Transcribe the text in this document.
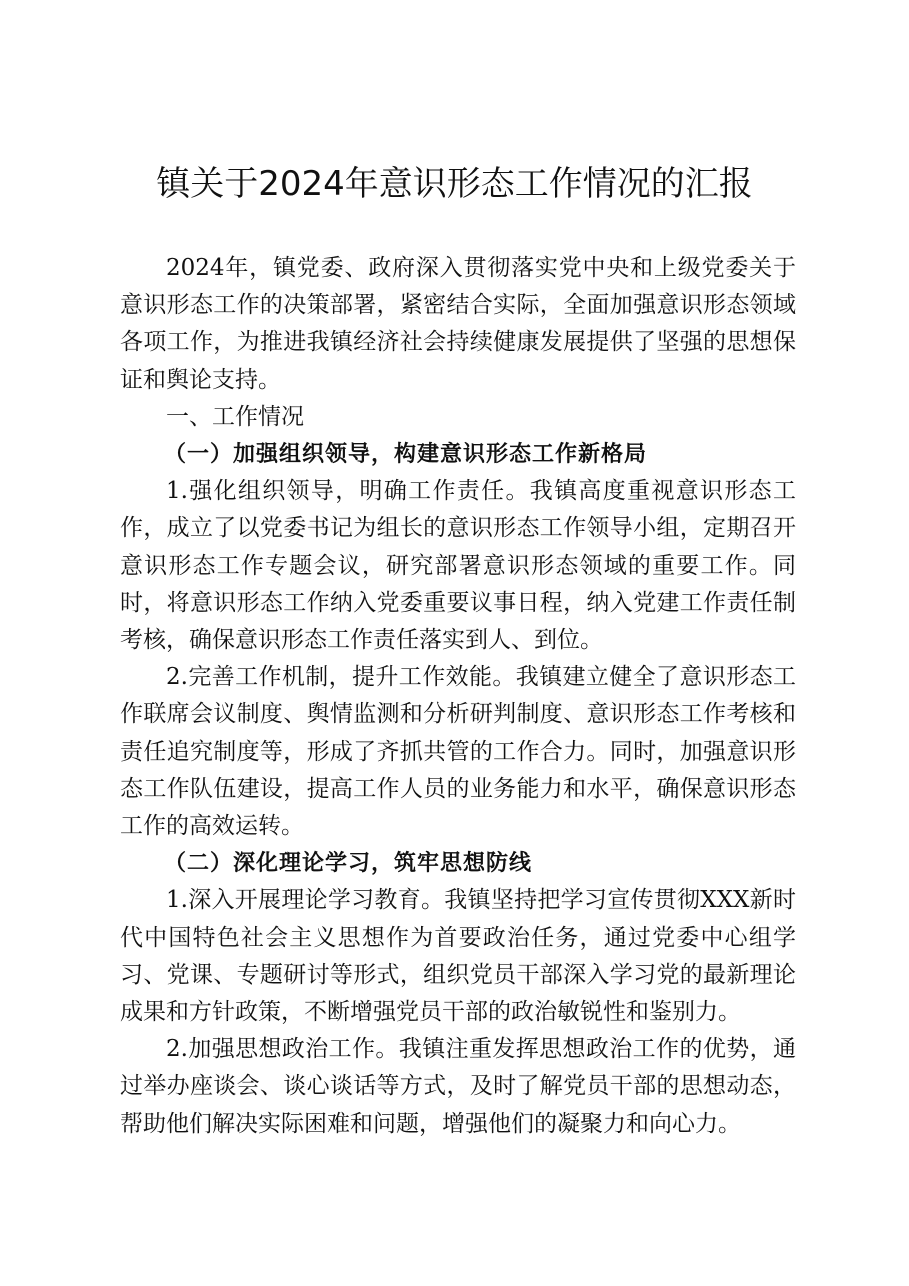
镇关于2024年意识形态工作情况的汇报

2024年，镇党委、政府深入贯彻落实党中央和上级党委关于意识形态工作的决策部署，紧密结合实际，全面加强意识形态领域各项工作，为推进我镇经济社会持续健康发展提供了坚强的思想保证和舆论支持。

一、工作情况

（一）加强组织领导，构建意识形态工作新格局

1.强化组织领导，明确工作责任。我镇高度重视意识形态工作，成立了以党委书记为组长的意识形态工作领导小组，定期召开意识形态工作专题会议，研究部署意识形态领域的重要工作。同时，将意识形态工作纳入党委重要议事日程，纳入党建工作责任制考核，确保意识形态工作责任落实到人、到位。

2.完善工作机制，提升工作效能。我镇建立健全了意识形态工作联席会议制度、舆情监测和分析研判制度、意识形态工作考核和责任追究制度等，形成了齐抓共管的工作合力。同时，加强意识形态工作队伍建设，提高工作人员的业务能力和水平，确保意识形态工作的高效运转。

（二）深化理论学习，筑牢思想防线

1.深入开展理论学习教育。我镇坚持把学习宣传贯彻XXX新时代中国特色社会主义思想作为首要政治任务，通过党委中心组学习、党课、专题研讨等形式，组织党员干部深入学习党的最新理论成果和方针政策，不断增强党员干部的政治敏锐性和鉴别力。

2.加强思想政治工作。我镇注重发挥思想政治工作的优势，通过举办座谈会、谈心谈话等方式，及时了解党员干部的思想动态，帮助他们解决实际困难和问题，增强他们的凝聚力和向心力。
